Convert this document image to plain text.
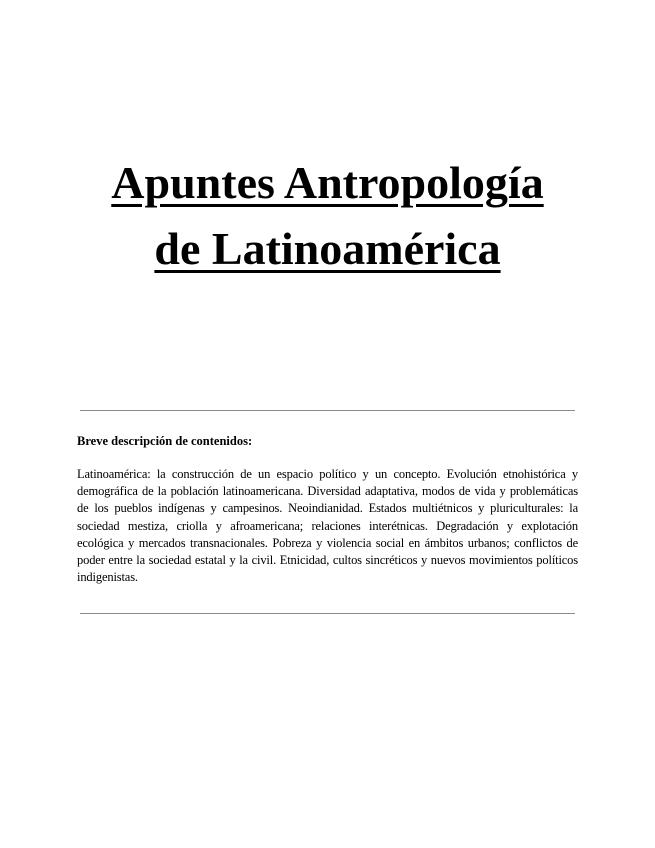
Apuntes Antropología
de Latinoamérica

Breve descripción de contenidos:

Latinoamérica: la construcción de un espacio político y un concepto. Evolución etnohistórica y demográfica de la población latinoamericana. Diversidad adaptativa, modos de vida y problemáticas de los pueblos indígenas y campesinos. Neoindianidad. Estados multiétnicos y pluriculturales: la sociedad mestiza, criolla y afroamericana; relaciones interétnicas. Degradación y explotación ecológica y mercados transnacionales. Pobreza y violencia social en ámbitos urbanos; conflictos de poder entre la sociedad estatal y la civil. Etnicidad, cultos sincréticos y nuevos movimientos políticos indigenistas.
